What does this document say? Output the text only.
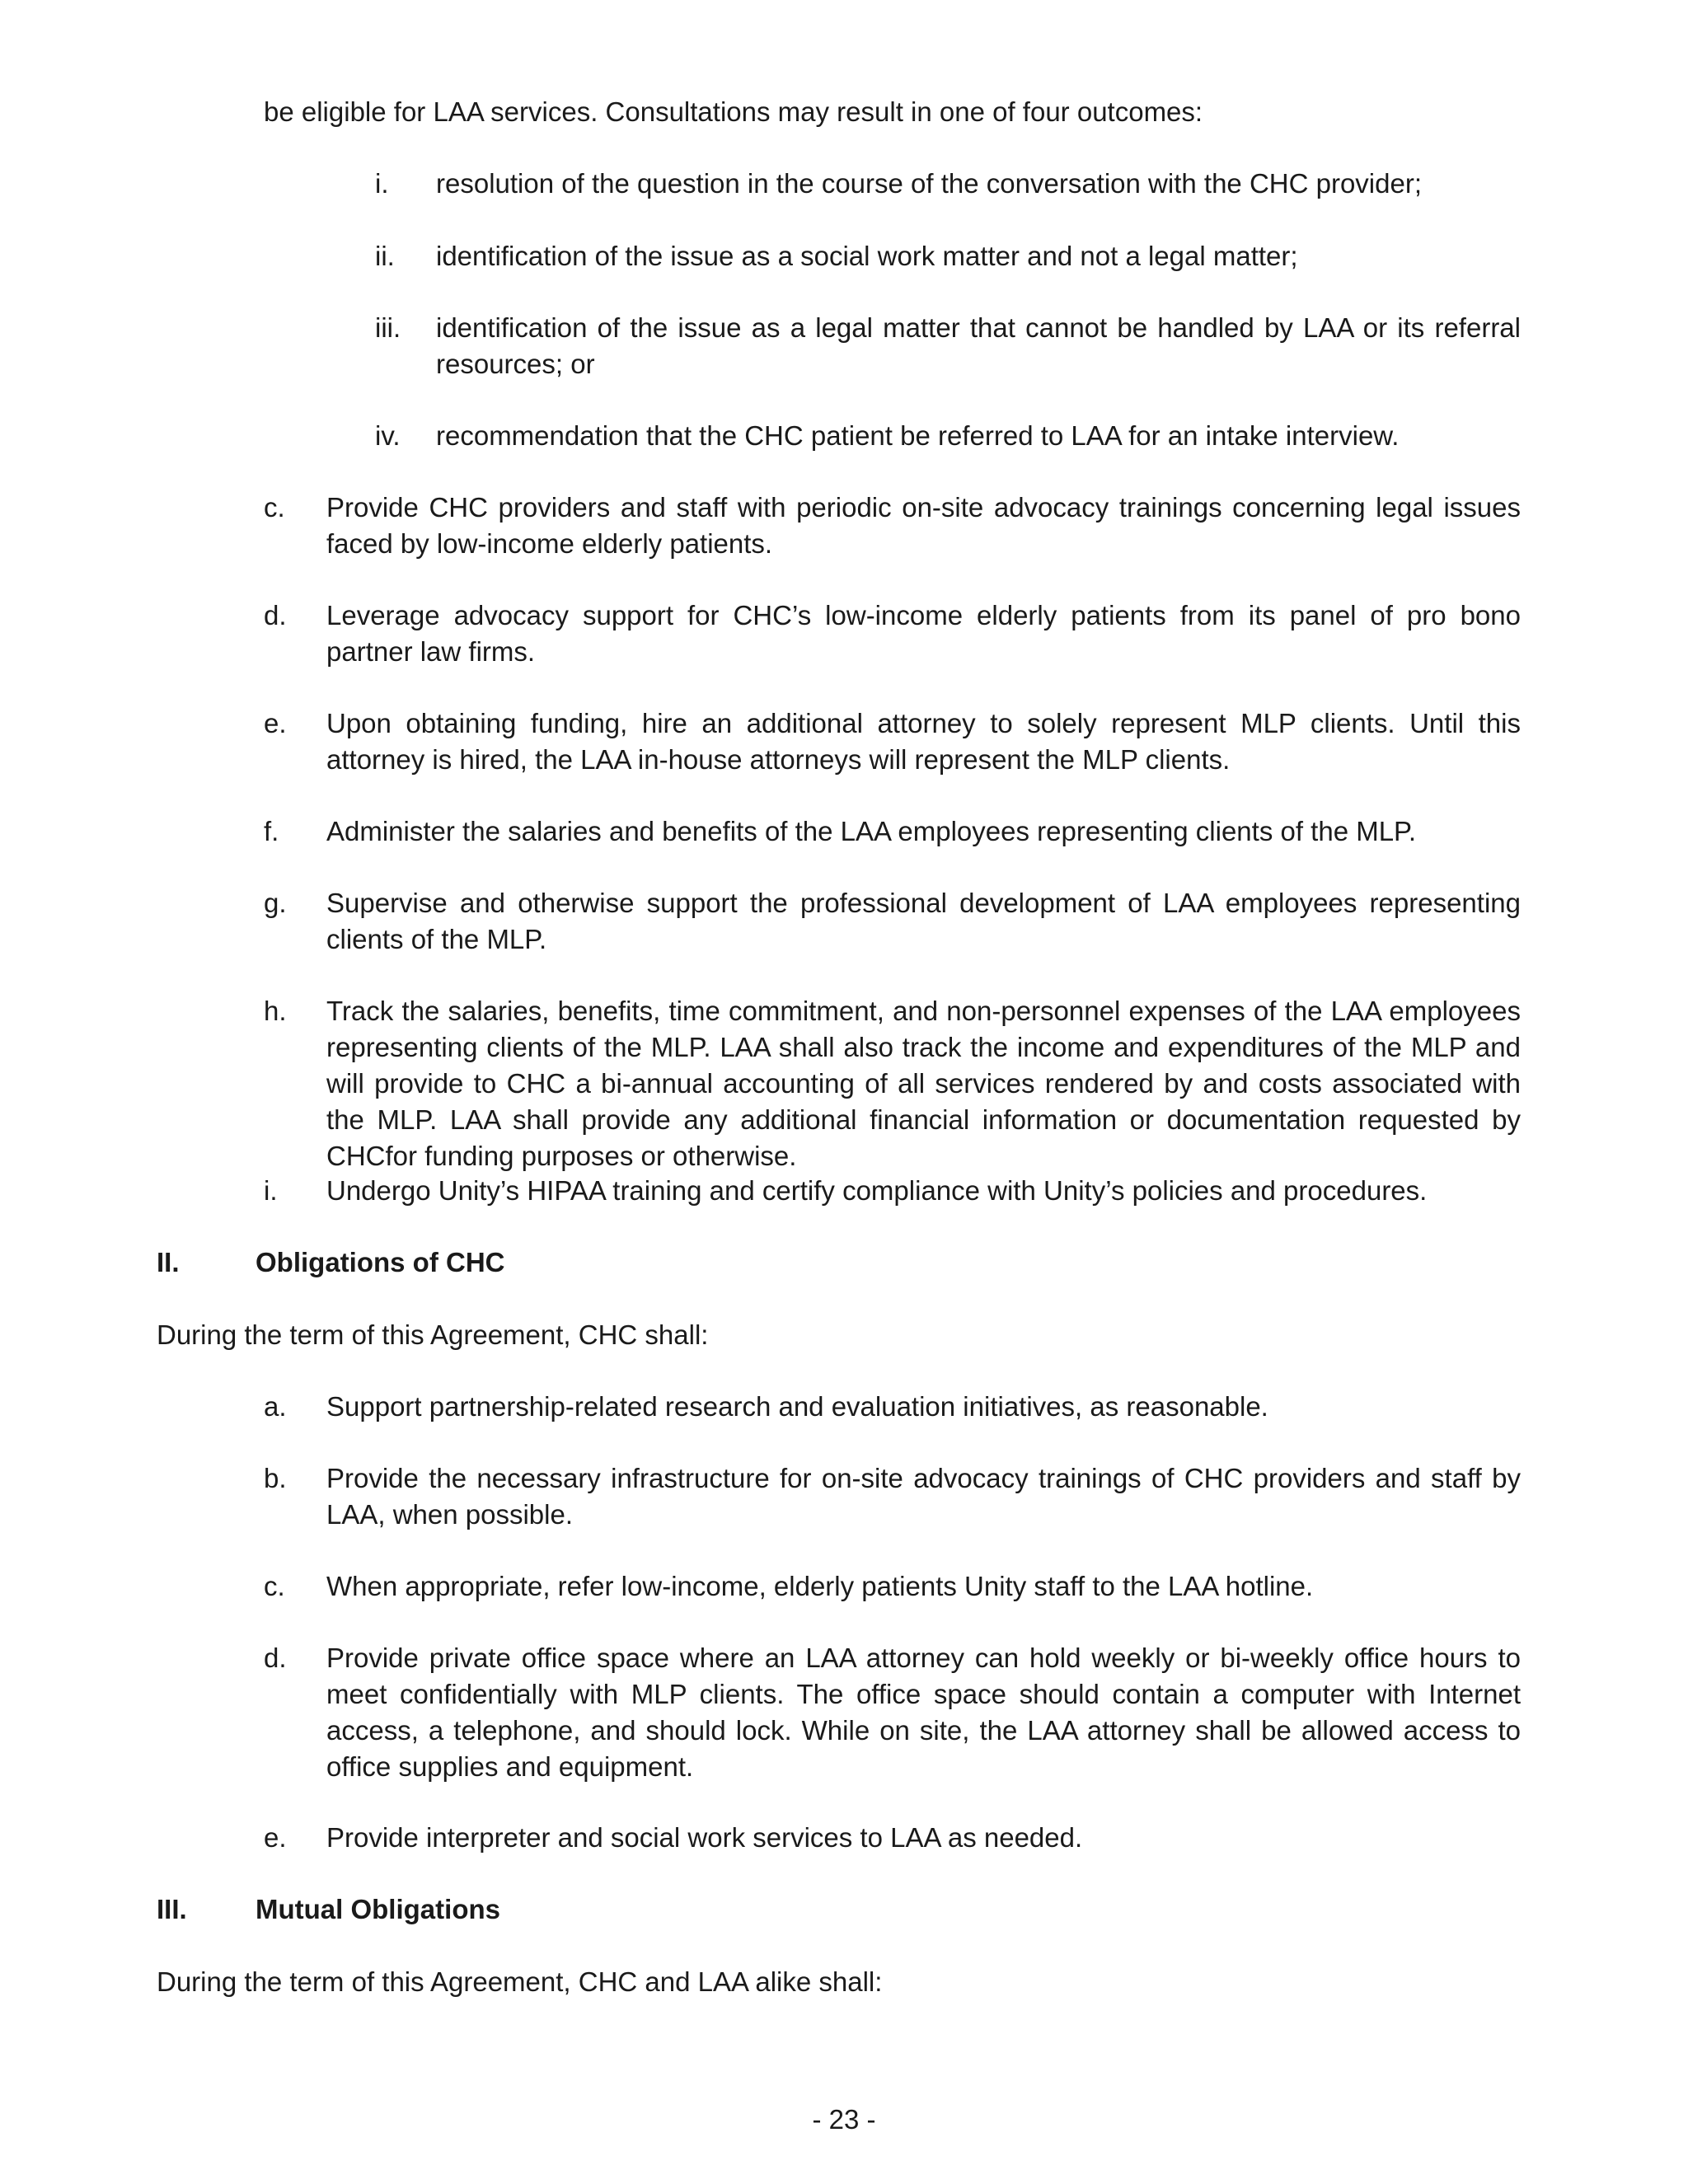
be eligible for LAA services. Consultations may result in one of four outcomes:

i.	resolution of the question in the course of the conversation with the CHC provider;
ii.	identification of the issue as a social work matter and not a legal matter;
iii.	identification of the issue as a legal matter that cannot be handled by LAA or its referral resources; or
iv.	recommendation that the CHC patient be referred to LAA for an intake interview.
c.	Provide CHC providers and staff with periodic on-site advocacy trainings concerning legal issues faced by low-income elderly patients.
d.	Leverage advocacy support for CHC’s low-income elderly patients from its panel of pro bono partner law firms.
e.	Upon obtaining funding, hire an additional attorney to solely represent MLP clients. Until this attorney is hired, the LAA in-house attorneys will represent the MLP clients.
f.	Administer the salaries and benefits of the LAA employees representing clients of the MLP.
g.	Supervise and otherwise support the professional development of LAA employees representing clients of the MLP.
h.	Track the salaries, benefits, time commitment, and non-personnel expenses of the LAA employees representing clients of the MLP. LAA shall also track the income and expenditures of the MLP and will provide to CHC a bi-annual accounting of all services rendered by and costs associated with the MLP. LAA shall provide any additional financial information or documentation requested by CHCfor funding purposes or otherwise.
i.	Undergo Unity’s HIPAA training and certify compliance with Unity’s policies and procedures.
II.	Obligations of CHC

During the term of this Agreement, CHC shall:

a.	Support partnership-related research and evaluation initiatives, as reasonable.
b.	Provide the necessary infrastructure for on-site advocacy trainings of CHC providers and staff by LAA, when possible.
c.	When appropriate, refer low-income, elderly patients Unity staff to the LAA hotline.
d.	Provide private office space where an LAA attorney can hold weekly or bi-weekly office hours to meet confidentially with MLP clients. The office space should contain a computer with Internet access, a telephone, and should lock. While on site, the LAA attorney shall be allowed access to office supplies and equipment.
e.	Provide interpreter and social work services to LAA as needed.
III.	Mutual Obligations

During the term of this Agreement, CHC and LAA alike shall:

- 23 -
